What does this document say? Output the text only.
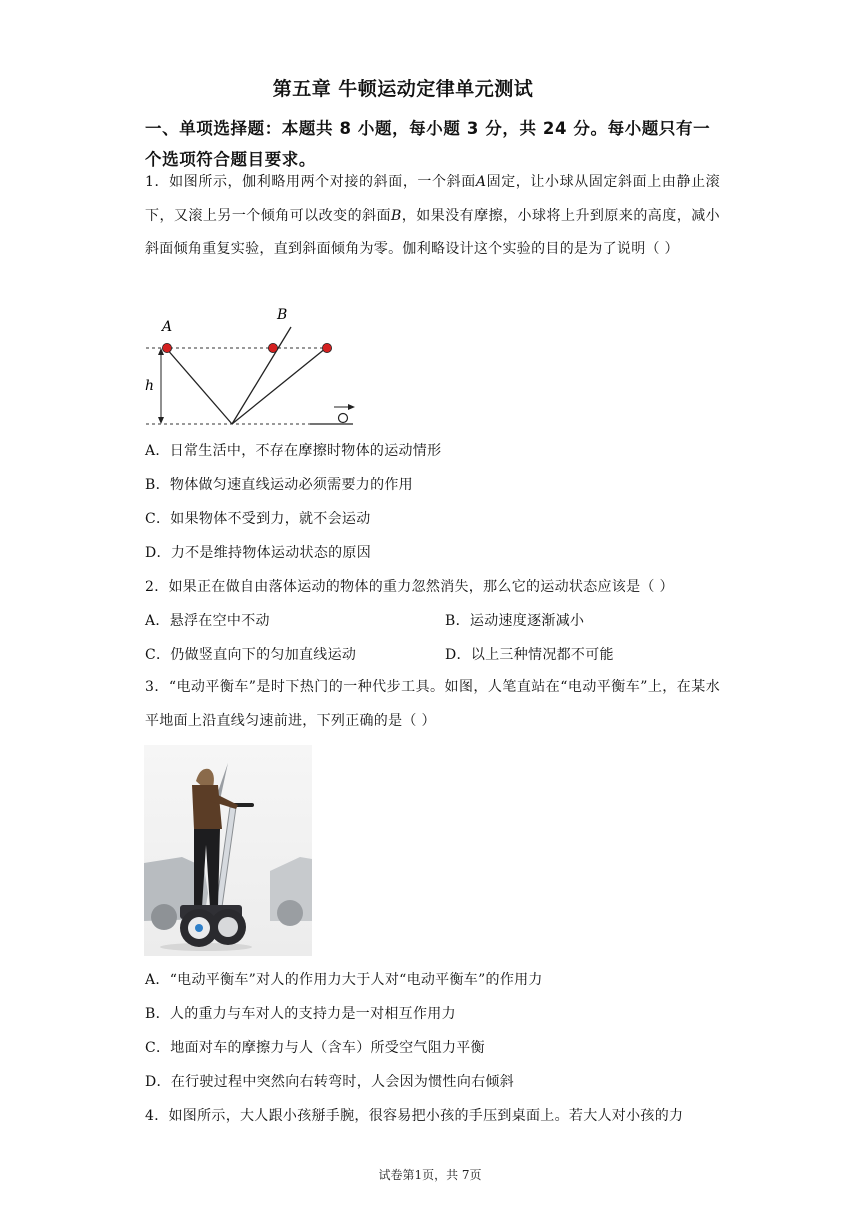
第五章 牛顿运动定律单元测试
一、单项选择题：本题共 8 小题，每小题 3 分，共 24 分。每小题只有一个选项符合题目要求。
1．如图所示，伽利略用两个对接的斜面，一个斜面A固定，让小球从固定斜面上由静止滚下，又滚上另一个倾角可以改变的斜面B，如果没有摩擦，小球将上升到原来的高度，减小斜面倾角重复实验，直到斜面倾角为零。伽利略设计这个实验的目的是为了说明（ ）
h
A
B
A．日常生活中，不存在摩擦时物体的运动情形
B．物体做匀速直线运动必须需要力的作用
C．如果物体不受到力，就不会运动
D．力不是维持物体运动状态的原因
2．如果正在做自由落体运动的物体的重力忽然消失，那么它的运动状态应该是（ ）
A．悬浮在空中不动	B．运动速度逐渐减小
C．仍做竖直向下的匀加直线运动	D．以上三种情况都不可能
3．“电动平衡车”是时下热门的一种代步工具。如图，人笔直站在“电动平衡车”上，在某水平地面上沿直线匀速前进，下列正确的是（ ）
A．“电动平衡车”对人的作用力大于人对“电动平衡车”的作用力
B．人的重力与车对人的支持力是一对相互作用力
C．地面对车的摩擦力与人（含车）所受空气阻力平衡
D．在行驶过程中突然向右转弯时，人会因为惯性向右倾斜
4．如图所示，大人跟小孩掰手腕，很容易把小孩的手压到桌面上。若大人对小孩的力
试卷第1页，共 7页
